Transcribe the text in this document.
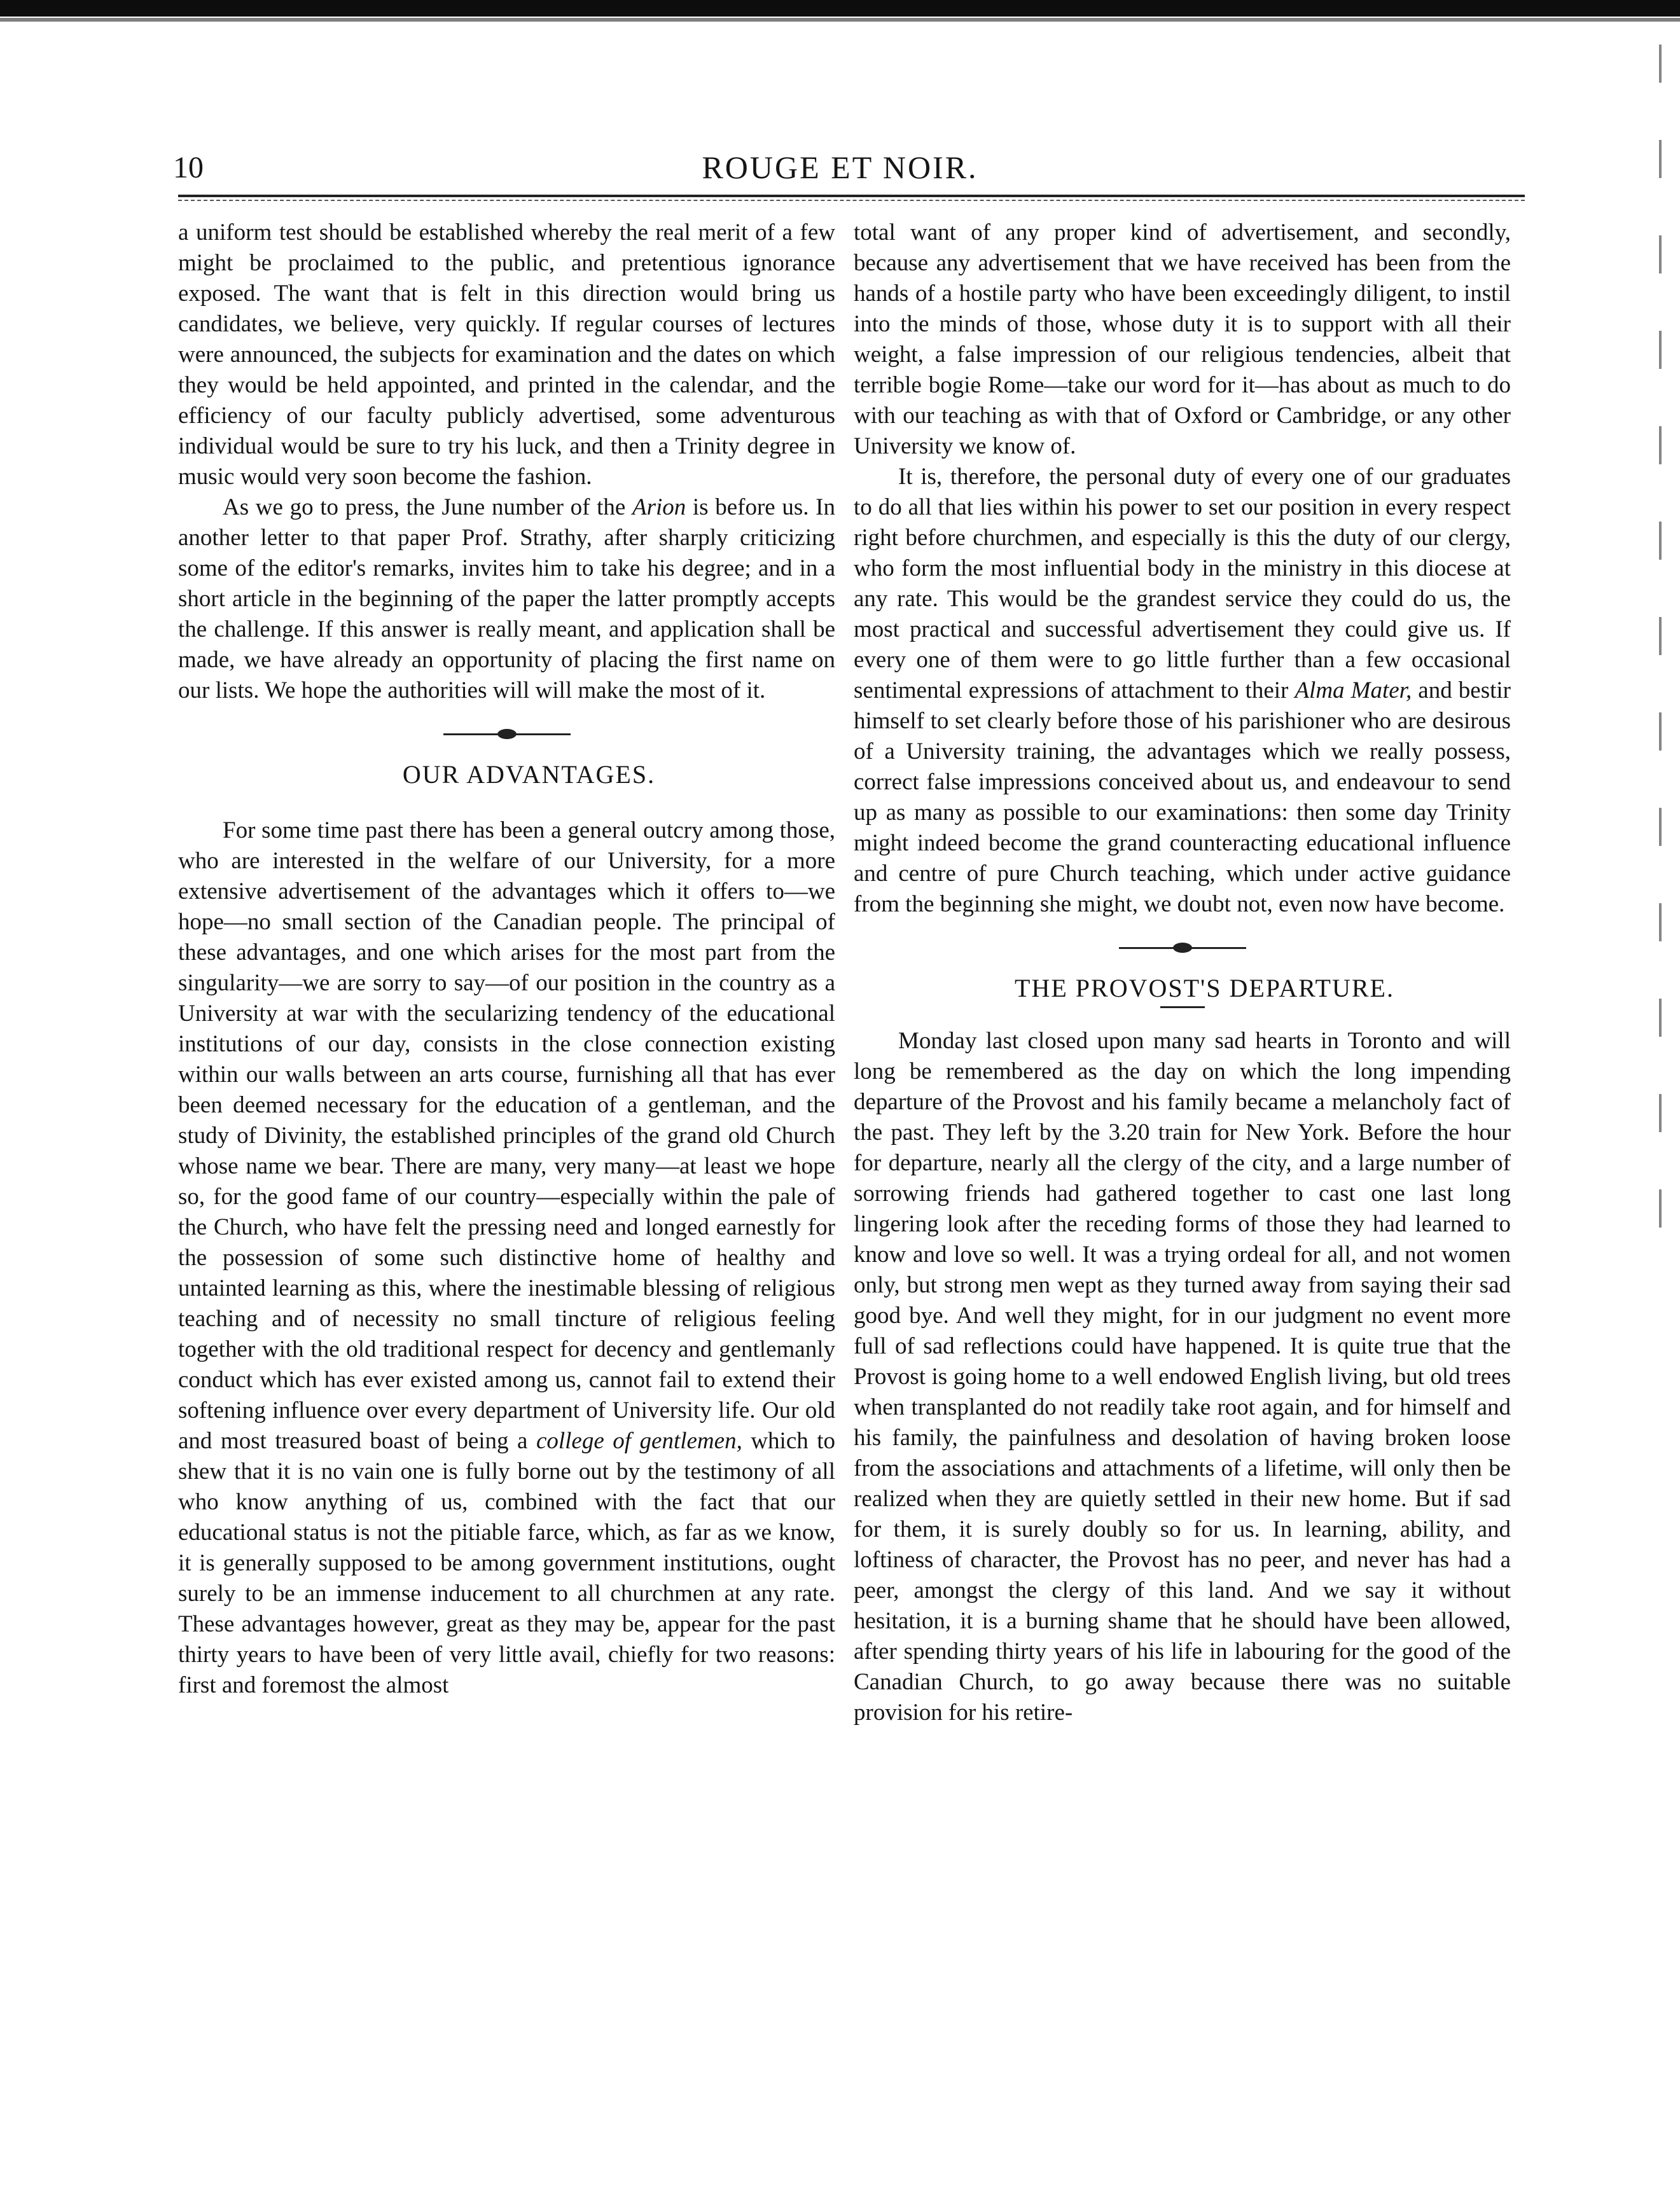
10	ROUGE ET NOIR.

a uniform test should be established whereby the real merit of a few might be proclaimed to the public, and pretentious ignorance exposed. The want that is felt in this direction would bring us candidates, we believe, very quickly. If regular courses of lectures were announced, the subjects for examination and the dates on which they would be held appointed, and printed in the calendar, and the efficiency of our faculty publicly advertised, some adventurous individual would be sure to try his luck, and then a Trinity degree in music would very soon become the fashion.

As we go to press, the June number of the Arion is before us. In another letter to that paper Prof. Strathy, after sharply criticizing some of the editor's remarks, invites him to take his degree; and in a short article in the beginning of the paper the latter promptly accepts the challenge. If this answer is really meant, and application shall be made, we have already an opportunity of placing the first name on our lists. We hope the authorities will will make the most of it.

OUR ADVANTAGES.

For some time past there has been a general outcry among those, who are interested in the welfare of our University, for a more extensive advertisement of the advantages which it offers to—we hope—no small section of the Canadian people. The principal of these advantages, and one which arises for the most part from the singularity—we are sorry to say—of our position in the country as a University at war with the secularizing tendency of the educational institutions of our day, consists in the close connection existing within our walls between an arts course, furnishing all that has ever been deemed necessary for the education of a gentleman, and the study of Divinity, the established principles of the grand old Church whose name we bear. There are many, very many—at least we hope so, for the good fame of our country—especially within the pale of the Church, who have felt the pressing need and longed earnestly for the possession of some such distinctive home of healthy and untainted learning as this, where the inestimable blessing of religious teaching and of necessity no small tincture of religious feeling together with the old traditional respect for decency and gentlemanly conduct which has ever existed among us, cannot fail to extend their softening influence over every department of University life. Our old and most treasured boast of being a college of gentlemen, which to shew that it is no vain one is fully borne out by the testimony of all who know anything of us, combined with the fact that our educational status is not the pitiable farce, which, as far as we know, it is generally supposed to be among government institutions, ought surely to be an immense inducement to all churchmen at any rate. These advantages however, great as they may be, appear for the past thirty years to have been of very little avail, chiefly for two reasons: first and foremost the almost

total want of any proper kind of advertisement, and secondly, because any advertisement that we have received has been from the hands of a hostile party who have been exceedingly diligent, to instil into the minds of those, whose duty it is to support with all their weight, a false impression of our religious tendencies, albeit that terrible bogie Rome—take our word for it—has about as much to do with our teaching as with that of Oxford or Cambridge, or any other University we know of.

It is, therefore, the personal duty of every one of our graduates to do all that lies within his power to set our position in every respect right before churchmen, and especially is this the duty of our clergy, who form the most influential body in the ministry in this diocese at any rate. This would be the grandest service they could do us, the most practical and successful advertisement they could give us. If every one of them were to go little further than a few occasional sentimental expressions of attachment to their Alma Mater, and bestir himself to set clearly before those of his parishioner who are desirous of a University training, the advantages which we really possess, correct false impressions conceived about us, and endeavour to send up as many as possible to our examinations: then some day Trinity might indeed become the grand counteracting educational influence and centre of pure Church teaching, which under active guidance from the beginning she might, we doubt not, even now have become.

THE PROVOST'S DEPARTURE.

Monday last closed upon many sad hearts in Toronto and will long be remembered as the day on which the long impending departure of the Provost and his family became a melancholy fact of the past. They left by the 3.20 train for New York. Before the hour for departure, nearly all the clergy of the city, and a large number of sorrowing friends had gathered together to cast one last long lingering look after the receding forms of those they had learned to know and love so well. It was a trying ordeal for all, and not women only, but strong men wept as they turned away from saying their sad good bye. And well they might, for in our judgment no event more full of sad reflections could have happened. It is quite true that the Provost is going home to a well endowed English living, but old trees when transplanted do not readily take root again, and for himself and his family, the painfulness and desolation of having broken loose from the associations and attachments of a lifetime, will only then be realized when they are quietly settled in their new home. But if sad for them, it is surely doubly so for us. In learning, ability, and loftiness of character, the Provost has no peer, and never has had a peer, amongst the clergy of this land. And we say it without hesitation, it is a burning shame that he should have been allowed, after spending thirty years of his life in labouring for the good of the Canadian Church, to go away because there was no suitable provision for his retire-
